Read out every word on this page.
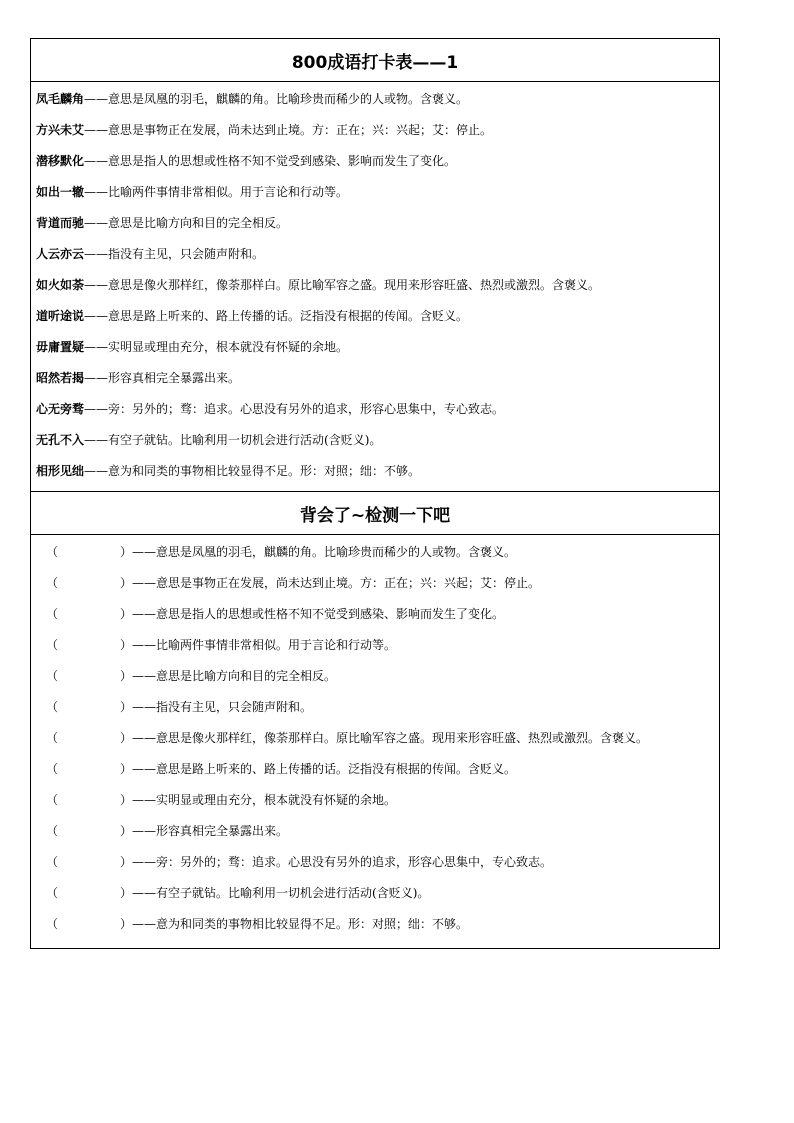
800成语打卡表——1
凤毛麟角——意思是凤凰的羽毛，麒麟的角。比喻珍贵而稀少的人或物。含褒义。
方兴未艾——意思是事物正在发展，尚未达到止境。方：正在；兴：兴起；艾：停止。
潜移默化——意思是指人的思想或性格不知不觉受到感染、影响而发生了变化。
如出一辙——比喻两件事情非常相似。用于言论和行动等。
背道而驰——意思是比喻方向和目的完全相反。
人云亦云——指没有主见，只会随声附和。
如火如荼——意思是像火那样红，像荼那样白。原比喻军容之盛。现用来形容旺盛、热烈或激烈。含褒义。
道听途说——意思是路上听来的、路上传播的话。泛指没有根据的传闻。含贬义。
毋庸置疑——实明显或理由充分，根本就没有怀疑的余地。
昭然若揭——形容真相完全暴露出来。
心无旁骛——旁：另外的；骛：追求。心思没有另外的追求，形容心思集中，专心致志。
无孔不入——有空子就钻。比喻利用一切机会进行活动(含贬义)。
相形见绌——意为和同类的事物相比较显得不足。形：对照；绌：不够。
背会了~检测一下吧
（	）——意思是凤凰的羽毛，麒麟的角。比喻珍贵而稀少的人或物。含褒义。
（	）——意思是事物正在发展，尚未达到止境。方：正在；兴：兴起；艾：停止。
（	）——意思是指人的思想或性格不知不觉受到感染、影响而发生了变化。
（	）——比喻两件事情非常相似。用于言论和行动等。
（	）——意思是比喻方向和目的完全相反。
（	）——指没有主见，只会随声附和。
（	）——意思是像火那样红，像荼那样白。原比喻军容之盛。现用来形容旺盛、热烈或激烈。含褒义。
（	）——意思是路上听来的、路上传播的话。泛指没有根据的传闻。含贬义。
（	）——实明显或理由充分，根本就没有怀疑的余地。
（	）——形容真相完全暴露出来。
（	）——旁：另外的；骛：追求。心思没有另外的追求，形容心思集中，专心致志。
（	）——有空子就钻。比喻利用一切机会进行活动(含贬义)。
（	）——意为和同类的事物相比较显得不足。形：对照；绌：不够。
